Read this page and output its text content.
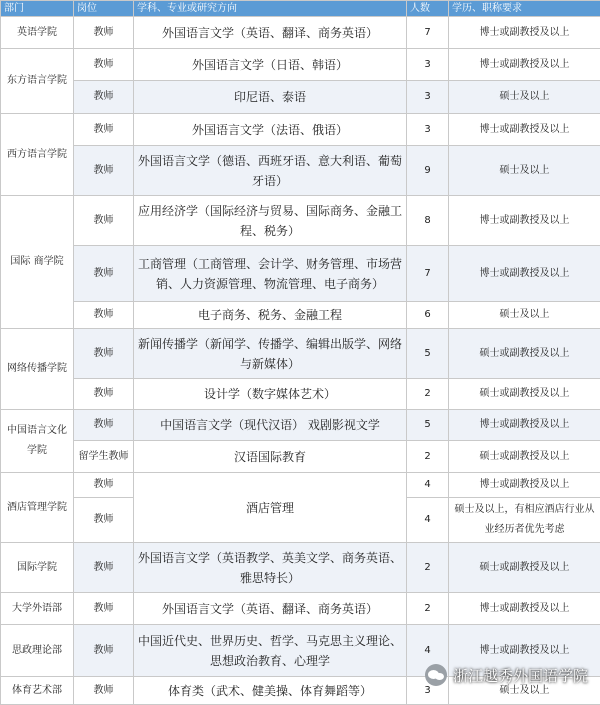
部门	岗位	学科、专业或研究方向	人数	学历、职称要求
英语学院	教师	外国语言文学（英语、翻译、商务英语）	7	博士或副教授及以上
东方语言学院	教师	外国语言文学（日语、韩语）	3	博士或副教授及以上
	教师	印尼语、泰语	3	硕士及以上
西方语言学院	教师	外国语言文学（法语、俄语）	3	博士或副教授及以上
	教师	外国语言文学（德语、西班牙语、意大利语、葡萄牙语）	9	硕士及以上
国际 商学院	教师	应用经济学（国际经济与贸易、国际商务、金融工程、税务）	8	博士或副教授及以上
	教师	工商管理（工商管理、会计学、财务管理、市场营销、人力资源管理、物流管理、电子商务）	7	博士或副教授及以上
	教师	电子商务、税务、金融工程	6	硕士及以上
网络传播学院	教师	新闻传播学（新闻学、传播学、编辑出版学、网络与新媒体）	5	硕士或副教授及以上
	教师	设计学（数字媒体艺术）	2	硕士或副教授及以上
中国语言文化学院	教师	中国语言文学（现代汉语） 戏剧影视文学	5	博士或副教授及以上
	留学生教师	汉语国际教育	2	硕士或副教授及以上
酒店管理学院	教师	酒店管理	4	博士或副教授及以上
	教师		4	硕士及以上，有相应酒店行业从业经历者优先考虑
国际学院	教师	外国语言文学（英语教学、英美文学、商务英语、雅思特长）	2	硕士或副教授及以上
大学外语部	教师	外国语言文学（英语、翻译、商务英语）	2	博士或副教授及以上
思政理论部	教师	中国近代史、世界历史、哲学、马克思主义理论、思想政治教育、心理学	4	博士或副教授及以上
体育艺术部	教师	体育类（武术、健美操、体育舞蹈等）	3	硕士及以上
浙江越秀外国语学院
